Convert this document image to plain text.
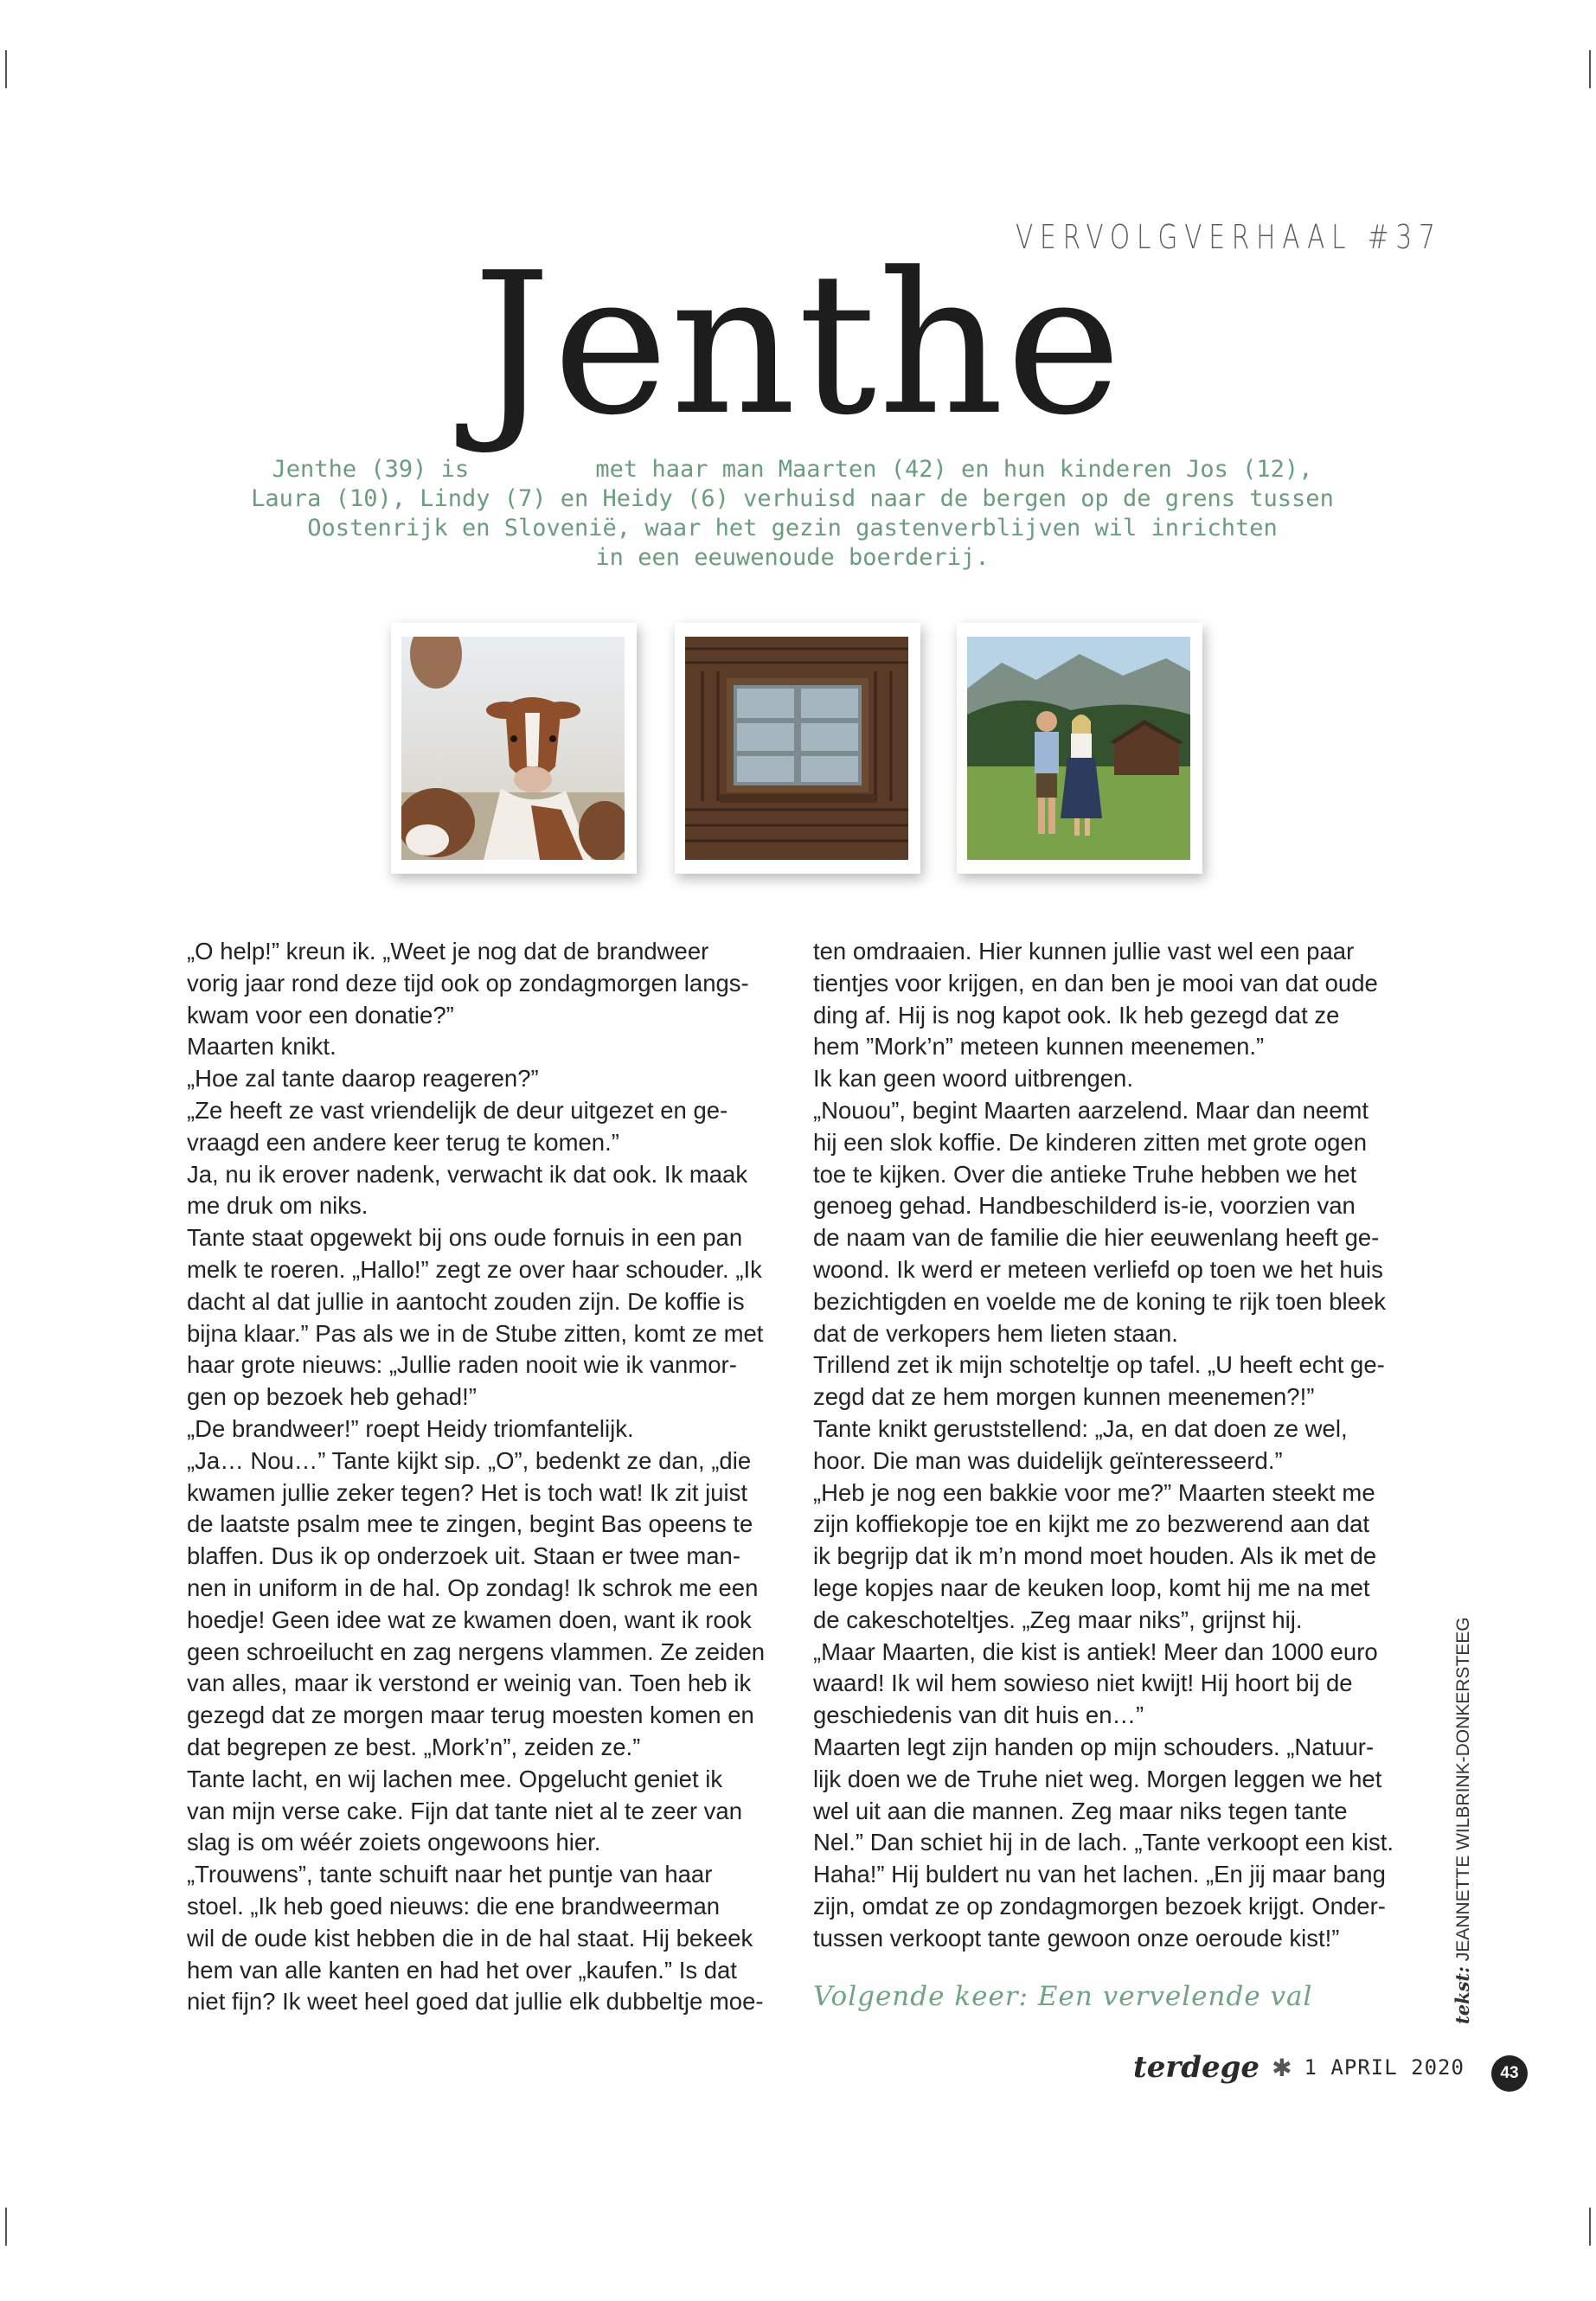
VERVOLGVERHAAL #37
Jenthe
Jenthe (39) is         met haar man Maarten (42) en hun kinderen Jos (12),
Laura (10), Lindy (7) en Heidy (6) verhuisd naar de bergen op de grens tussen
Oostenrijk en Slovenië, waar het gezin gastenverblijven wil inrichten
in een eeuwenoude boerderij.

„O help!” kreun ik. „Weet je nog dat de brandweer

vorig jaar rond deze tijd ook op zondagmorgen langs-

kwam voor een donatie?”

Maarten knikt.

„Hoe zal tante daarop reageren?”

„Ze heeft ze vast vriendelijk de deur uitgezet en ge-

vraagd een andere keer terug te komen.”

Ja, nu ik erover nadenk, verwacht ik dat ook. Ik maak

me druk om niks.

Tante staat opgewekt bij ons oude fornuis in een pan

melk te roeren. „Hallo!” zegt ze over haar schouder. „Ik

dacht al dat jullie in aantocht zouden zijn. De koffie is

bijna klaar.” Pas als we in de Stube zitten, komt ze met

haar grote nieuws: „Jullie raden nooit wie ik vanmor-

gen op bezoek heb gehad!”

„De brandweer!” roept Heidy triomfantelijk.

„Ja… Nou…” Tante kijkt sip. „O”, bedenkt ze dan, „die

kwamen jullie zeker tegen? Het is toch wat! Ik zit juist

de laatste psalm mee te zingen, begint Bas opeens te

blaffen. Dus ik op onderzoek uit. Staan er twee man-

nen in uniform in de hal. Op zondag! Ik schrok me een

hoedje! Geen idee wat ze kwamen doen, want ik rook

geen schroeilucht en zag nergens vlammen. Ze zeiden

van alles, maar ik verstond er weinig van. Toen heb ik

gezegd dat ze morgen maar terug moesten komen en

dat begrepen ze best. „Mork’n”, zeiden ze.”

Tante lacht, en wij lachen mee. Opgelucht geniet ik

van mijn verse cake. Fijn dat tante niet al te zeer van

slag is om wéér zoiets ongewoons hier.

„Trouwens”, tante schuift naar het puntje van haar

stoel. „Ik heb goed nieuws: die ene brandweerman

wil de oude kist hebben die in de hal staat. Hij bekeek

hem van alle kanten en had het over „kaufen.” Is dat

niet fijn? Ik weet heel goed dat jullie elk dubbeltje moe-

ten omdraaien. Hier kunnen jullie vast wel een paar

tientjes voor krijgen, en dan ben je mooi van dat oude

ding af. Hij is nog kapot ook. Ik heb gezegd dat ze

hem ”Mork’n” meteen kunnen meenemen.”

Ik kan geen woord uitbrengen.

„Nouou”, begint Maarten aarzelend. Maar dan neemt

hij een slok koffie. De kinderen zitten met grote ogen

toe te kijken. Over die antieke Truhe hebben we het

genoeg gehad. Handbeschilderd is-ie, voorzien van

de naam van de familie die hier eeuwenlang heeft ge-

woond. Ik werd er meteen verliefd op toen we het huis

bezichtigden en voelde me de koning te rijk toen bleek

dat de verkopers hem lieten staan.

Trillend zet ik mijn schoteltje op tafel. „U heeft echt ge-

zegd dat ze hem morgen kunnen meenemen?!”

Tante knikt geruststellend: „Ja, en dat doen ze wel,

hoor. Die man was duidelijk geïnteresseerd.”

„Heb je nog een bakkie voor me?” Maarten steekt me

zijn koffiekopje toe en kijkt me zo bezwerend aan dat

ik begrijp dat ik m’n mond moet houden. Als ik met de

lege kopjes naar de keuken loop, komt hij me na met

de cakeschoteltjes. „Zeg maar niks”, grijnst hij.

„Maar Maarten, die kist is antiek! Meer dan 1000 euro

waard! Ik wil hem sowieso niet kwijt! Hij hoort bij de

geschiedenis van dit huis en…”

Maarten legt zijn handen op mijn schouders. „Natuur-

lijk doen we de Truhe niet weg. Morgen leggen we het

wel uit aan die mannen. Zeg maar niks tegen tante

Nel.” Dan schiet hij in de lach. „Tante verkoopt een kist.

Haha!” Hij buldert nu van het lachen. „En jij maar bang

zijn, omdat ze op zondagmorgen bezoek krijgt. Onder-

tussen verkoopt tante gewoon onze oeroude kist!”

Volgende keer: Een vervelende val	tekst: JEANNETTE WILBRINK-DONKERSTEEG
terdege ✱ 1 APRIL 2020	43
